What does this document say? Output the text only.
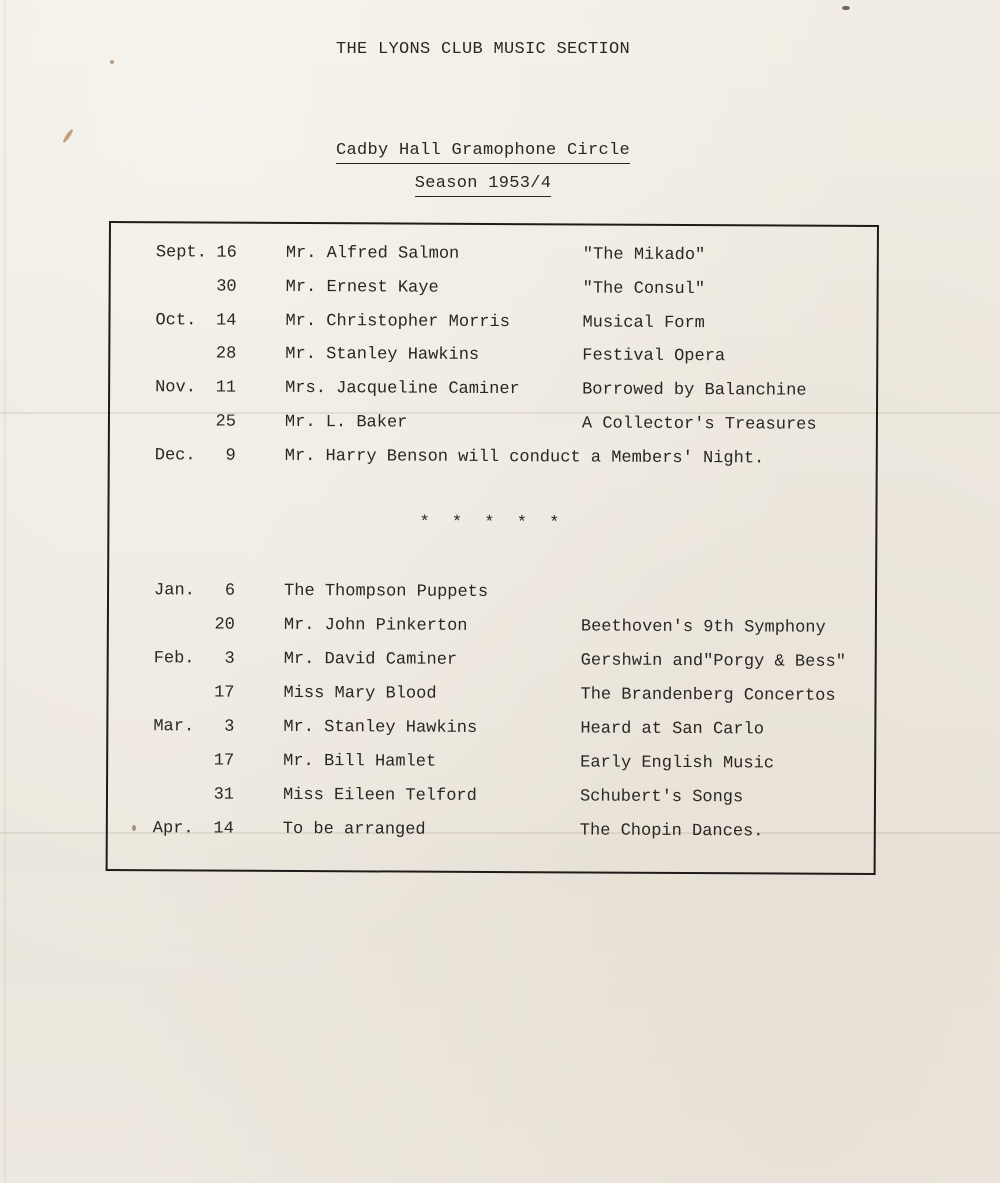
THE LYONS CLUB MUSIC SECTION
Cadby Hall Gramophone Circle
Season 1953/4
Sept. 16	Mr. Alfred Salmon	"The Mikado"
30	Mr. Ernest Kaye	"The Consul"
Oct. 14	Mr. Christopher Morris	Musical Form
28	Mr. Stanley Hawkins	Festival Opera
Nov. 11	Mrs. Jacqueline Caminer	Borrowed by Balanchine
25	Mr. L. Baker	A Collector's Treasures
Dec.	9	Mr. Harry Benson will conduct a Members' Night.
* * * * *
Jan.	6	The Thompson Puppets
20	Mr. John Pinkerton	Beethoven's 9th Symphony
Feb.	3	Mr. David Caminer	Gershwin and"Porgy & Bess"
17	Miss Mary Blood	The Brandenberg Concertos
Mar.	3	Mr. Stanley Hawkins	Heard at San Carlo
17	Mr. Bill Hamlet	Early English Music
31	Miss Eileen Telford	Schubert's Songs
Apr. 14	To be arranged	The Chopin Dances.
